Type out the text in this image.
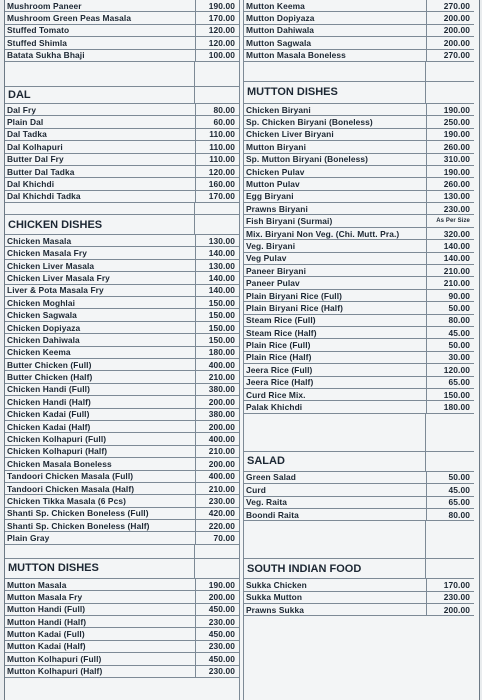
Mushroom Paneer	190.00
Mushroom Green Peas Masala	170.00
Stuffed Tomato	120.00
Stuffed Shimla	120.00
Batata Sukha Bhaji	100.00
DAL
Dal Fry	80.00
Plain Dal	60.00
Dal Tadka	110.00
Dal Kolhapuri	110.00
Butter Dal Fry	110.00
Butter Dal Tadka	120.00
Dal Khichdi	160.00
Dal Khichdi Tadka	170.00
CHICKEN DISHES
Chicken Masala	130.00
Chicken Masala Fry	140.00
Chicken Liver Masala	130.00
Chicken Liver Masala Fry	140.00
Liver & Pota Masala Fry	140.00
Chicken Moghlai	150.00
Chicken Sagwala	150.00
Chicken Dopiyaza	150.00
Chicken Dahiwala	150.00
Chicken Keema	180.00
Butter Chicken (Full)	400.00
Butter Chicken (Half)	210.00
Chicken Handi (Full)	380.00
Chicken Handi (Half)	200.00
Chicken Kadai (Full)	380.00
Chicken Kadai (Half)	200.00
Chicken Kolhapuri (Full)	400.00
Chicken Kolhapuri (Half)	210.00
Chicken Masala Boneless	200.00
Tandoori Chicken Masala (Full)	400.00
Tandoori Chicken Masala (Half)	210.00
Chicken Tikka Masala (6 Pcs)	230.00
Shanti Sp. Chicken Boneless (Full)	420.00
Shanti Sp. Chicken Boneless (Half)	220.00
Plain Gray	70.00
MUTTON DISHES
Mutton Masala	190.00
Mutton Masala Fry	200.00
Mutton Handi (Full)	450.00
Mutton Handi (Half)	230.00
Mutton Kadai (Full)	450.00
Mutton Kadai (Half)	230.00
Mutton Kolhapuri (Full)	450.00
Mutton Kolhapuri (Half)	230.00
Mutton Keema	270.00
Mutton Dopiyaza	200.00
Mutton Dahiwala	200.00
Mutton Sagwala	200.00
Mutton Masala Boneless	270.00
MUTTON DISHES
Chicken Biryani	190.00
Sp. Chicken Biryani (Boneless)	250.00
Chicken Liver Biryani	190.00
Mutton Biryani	260.00
Sp. Mutton Biryani (Boneless)	310.00
Chicken Pulav	190.00
Mutton Pulav	260.00
Egg Biryani	130.00
Prawns Biryani	230.00
Fish Biryani (Surmai)	As Per Size
Mix. Biryani Non Veg. (Chi. Mutt. Pra.)	320.00
Veg. Biryani	140.00
Veg Pulav	140.00
Paneer Biryani	210.00
Paneer Pulav	210.00
Plain Biryani Rice (Full)	90.00
Plain Biryani Rice (Half)	50.00
Steam Rice (Full)	80.00
Steam Rice (Half)	45.00
Plain Rice (Full)	50.00
Plain Rice (Half)	30.00
Jeera Rice (Full)	120.00
Jeera Rice (Half)	65.00
Curd Rice Mix.	150.00
Palak Khichdi	180.00
SALAD
Green Salad	50.00
Curd	45.00
Veg. Raita	65.00
Boondi Raita	80.00
SOUTH INDIAN FOOD
Sukka Chicken	170.00
Sukka Mutton	230.00
Prawns Sukka	200.00
